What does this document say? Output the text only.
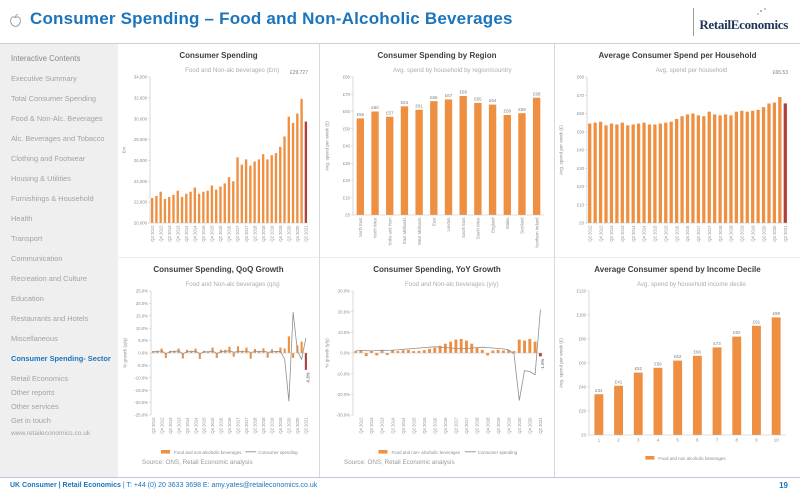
Consumer Spending – Food and Non-Alcoholic Beverages	RetailEconomics
Interactive Contents
Executive Summary
Total Consumer Spending
Food & Non-Alc. Beverages
Alc. Beverages and Tobacco
Clothing and Footwear
Housing & Utilities
Furnishings & Household
Health
Transport
Communication
Recreation and Culture
Education
Restaurants and Hotels
Miscellaneous
Consumer Spending- Sector
Retail Economics
Other reports
Other services
Get in touch
www.retaileconomics.co.uk
Consumer Spending
Food and Non-alc beverages (£m) £29,727
20,000
22,000
24,000
26,000
28,000
30,000
32,000
34,000
Q2 2012 Q4 2012 Q2 2013 Q4 2013 Q2 2014 Q4 2014 Q2 2015 Q4 2015 Q2 2016 Q4 2016 Q2 2017 Q4 2017 Q2 2018 Q4 2018 Q2 2019 Q4 2019 Q2 2020 Q4 2020 Q2 2021
£m
Consumer Spending by Region
Avg. spend by household by region/country
£0
£10
£20
£30
£40
£50
£60
£70
£80
£56
£60
£57
£63
£61
£66 £67
£69
£65 £64
£58 £59
£68
North East North West Yorks and Hum East Midlands West Midlands East London South East South West England Wales Scotland Northern Ireland
Avg. spend per week (£)
Average Consumer Spend per Household
Avg. spend per household	£65.53
£0
£10
£20
£30
£40
£50
£60
£70
£80
Q2 2012 Q4 2012 Q2 2013 Q4 2013 Q2 2014 Q4 2014 Q2 2015 Q4 2015 Q2 2016 Q4 2016 Q2 2017 Q4 2017 Q2 2018 Q4 2018 Q2 2019 Q4 2019 Q2 2020 Q4 2020 Q2 2021
Avg. spend per week (£)
Consumer Spending, QoQ Growth
Food and Non-alc beverages (q/q)
-25.0%
-20.0%
-15.0%
-10.0%
-5.0%
0.0%
5.0%
10.0%
15.0%
20.0%
25.0%
Q2 2012 Q4 2012 Q2 2013 Q4 2013 Q2 2014 Q4 2014 Q2 2015 Q4 2015 Q2 2016 Q4 2016 Q2 2017 Q4 2017 Q2 2018 Q4 2018 Q2 2019 Q4 2019 Q2 2020 Q4 2020 Q2 2021
-6.8%
% growth (q/q)
Food and non-alcoholic beverages	Consumer spending
Source: ONS, Retail Economic analysis
Consumer Spending, YoY Growth
Food and Non-alc beverages (y/y)
-30.0%
-20.0%
-10.0%
0.0%
10.0%
20.0%
30.0%
Q4 2012 Q2 2013 Q4 2013 Q2 2014 Q4 2014 Q2 2015 Q4 2015 Q2 2016 Q4 2016 Q2 2017 Q4 2017 Q2 2018 Q4 2018 Q2 2019 Q4 2019 Q2 2020 Q4 2020 Q2 2021
-1.6%
% growth (y/y)
Food and non- alcoholic beverages	Consumer spending
Source: ONS, Retail Economic analysis
Average Consumer spend by Income Decile
Avg. spend by household income decile
£0
£20
£40
£60
£80
£100
£120
£34
£41
£52
£56
£62
£66
£73
£82
£91
£98
1	2	3	4	5	6	7	8	9	10
Avg. spend per week (£)
Food and non alcoholic beverages
UK Consumer | Retail Economics | T: +44 (0) 20 3633 3698 E: amy.yates@retaileconomics.co.uk	19
